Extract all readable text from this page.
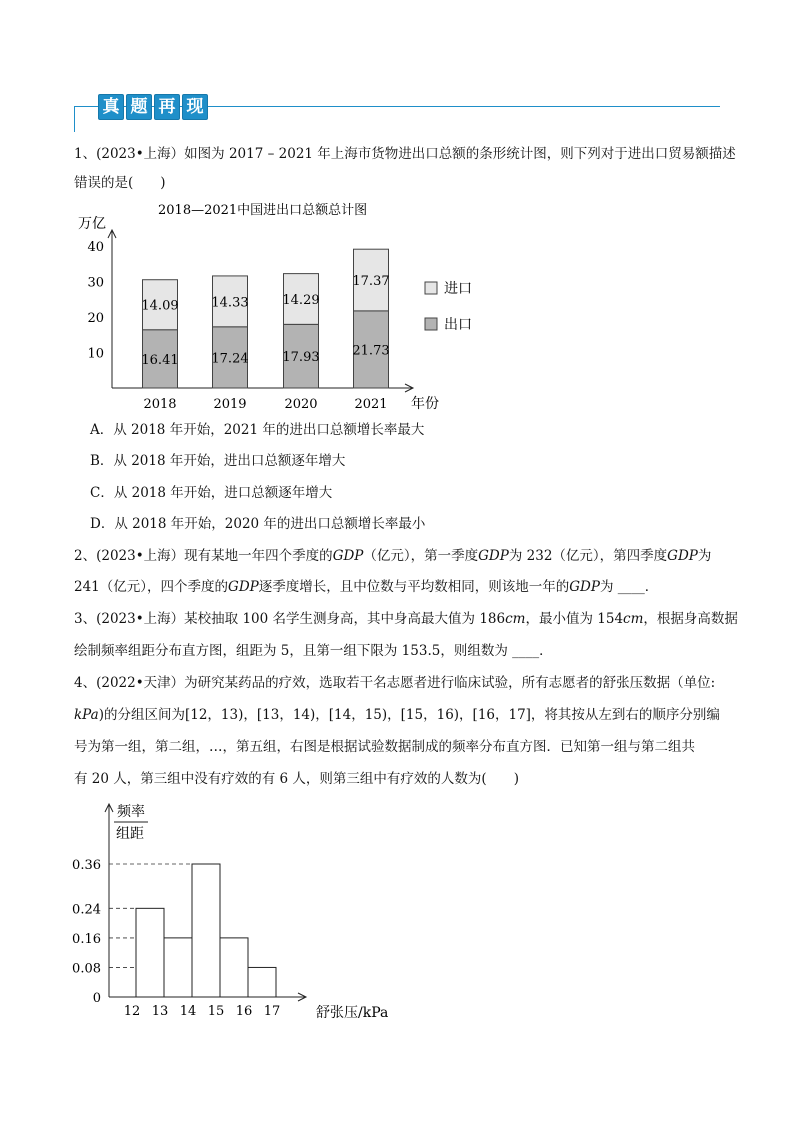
真 题 再 现
1、(2023•上海）如图为 2017 – 2021 年上海市货物进出口总额的条形统计图，则下列对于进出口贸易额描述
错误的是(　　)
2018—2021中国进出口总额总计图
万亿
年份
10
20
30
40
16.41
14.09
2018
17.24
14.33
2019
17.93
14.29
2020
21.73
17.37
2021
进口
出口
A．从 2018 年开始，2021 年的进出口总额增长率最大
B．从 2018 年开始，进出口总额逐年增大
C．从 2018 年开始，进口总额逐年增大
D．从 2018 年开始，2020 年的进出口总额增长率最小
2、(2023•上海）现有某地一年四个季度的GDP（亿元），第一季度GDP为 232（亿元），第四季度GDP为
241（亿元），四个季度的GDP逐季度增长，且中位数与平均数相同，则该地一年的GDP为 ____．
3、(2023•上海）某校抽取 100 名学生测身高，其中身高最大值为 186cm，最小值为 154cm，根据身高数据
绘制频率组距分布直方图，组距为 5，且第一组下限为 153.5，则组数为 ____．
4、(2022•天津）为研究某药品的疗效，选取若干名志愿者进行临床试验，所有志愿者的舒张压数据（单位:
kPa)的分组区间为[12，13)，[13，14)，[14，15)，[15，16)，[16，17]，将其按从左到右的顺序分别编
号为第一组，第二组，…，第五组，右图是根据试验数据制成的频率分布直方图．已知第一组与第二组共
有 20 人，第三组中没有疗效的有 6 人，则第三组中有疗效的人数为(　　)
频率
组距
0
0.36
0.24
0.16
0.08
12 13 14 15 16 17	舒张压/kPa
